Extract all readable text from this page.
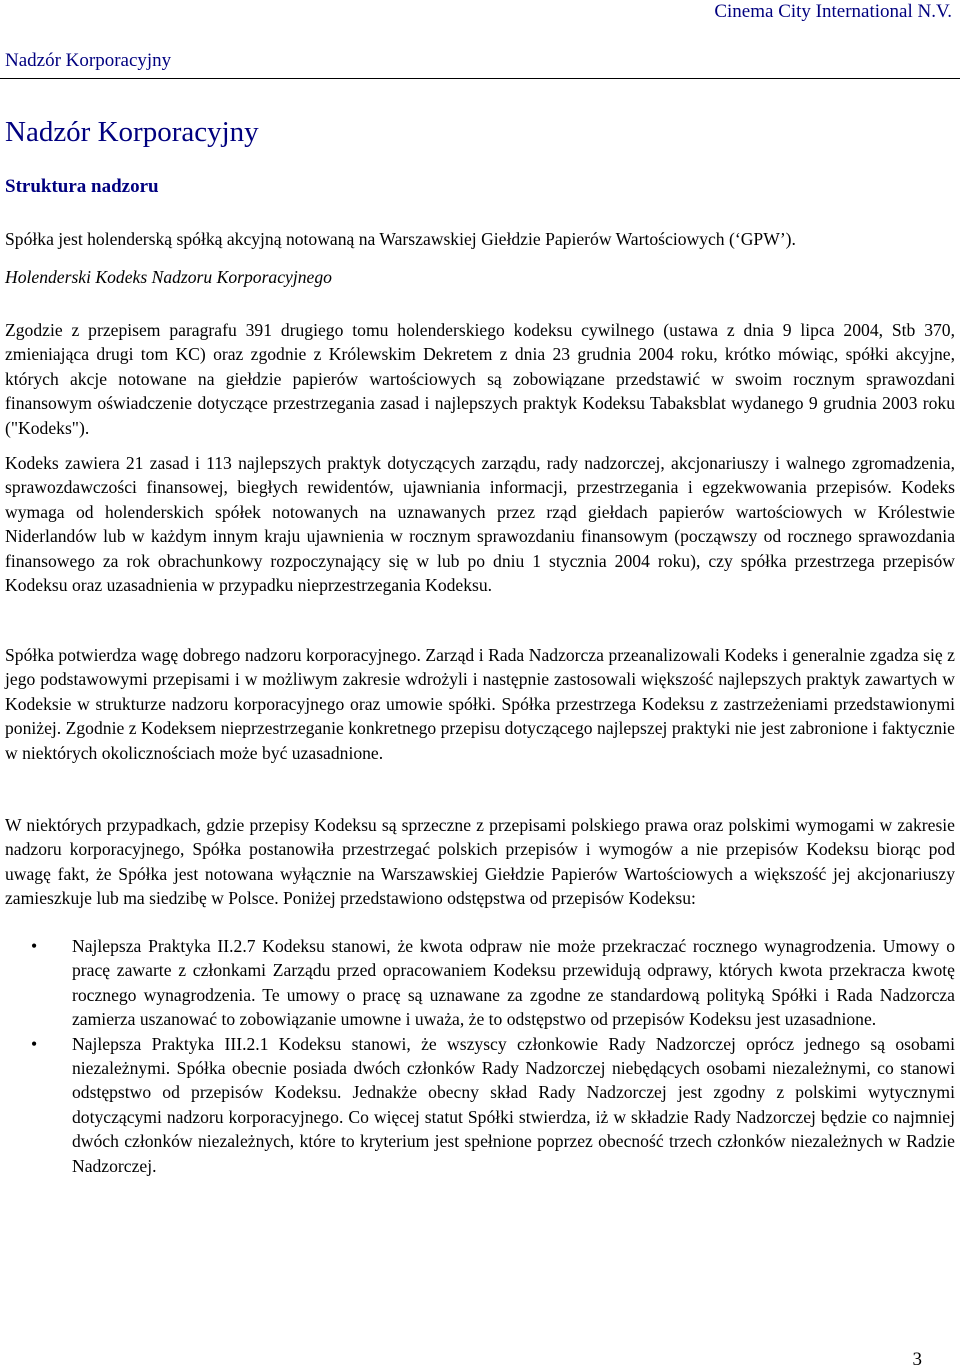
Cinema City International N.V.
Nadzór Korporacyjny
Nadzór Korporacyjny
Struktura nadzoru
Spółka jest holenderską spółką akcyjną notowaną na Warszawskiej Giełdzie Papierów Wartościowych (‘GPW’).
Holenderski Kodeks Nadzoru Korporacyjnego
Zgodzie z przepisem paragrafu 391 drugiego tomu holenderskiego kodeksu cywilnego (ustawa z dnia 9 lipca 2004, Stb 370, zmieniająca drugi tom KC) oraz zgodnie z Królewskim Dekretem z dnia 23 grudnia 2004 roku, krótko mówiąc, spółki akcyjne, których akcje notowane na giełdzie papierów wartościowych są zobowiązane przedstawić w swoim rocznym sprawozdani finansowym oświadczenie dotyczące przestrzegania zasad i najlepszych praktyk Kodeksu Tabaksblat wydanego 9 grudnia 2003 roku ("Kodeks").
Kodeks zawiera 21 zasad i 113 najlepszych praktyk dotyczących zarządu, rady nadzorczej, akcjonariuszy i walnego zgromadzenia, sprawozdawczości finansowej, biegłych rewidentów, ujawniania informacji, przestrzegania i egzekwowania przepisów. Kodeks wymaga od holenderskich spółek notowanych na uznawanych przez rząd giełdach papierów wartościowych w Królestwie Niderlandów lub w każdym innym kraju ujawnienia w rocznym sprawozdaniu finansowym (począwszy od rocznego sprawozdania finansowego za rok obrachunkowy rozpoczynający się w lub po dniu 1 stycznia 2004 roku), czy spółka przestrzega przepisów Kodeksu oraz uzasadnienia w przypadku nieprzestrzegania Kodeksu.
Spółka potwierdza wagę dobrego nadzoru korporacyjnego. Zarząd i Rada Nadzorcza przeanalizowali Kodeks i generalnie zgadza się z jego podstawowymi przepisami i w możliwym zakresie wdrożyli i następnie zastosowali większość najlepszych praktyk zawartych w Kodeksie w strukturze nadzoru korporacyjnego oraz umowie spółki. Spółka przestrzega Kodeksu z zastrzeżeniami przedstawionymi poniżej. Zgodnie z Kodeksem nieprzestrzeganie konkretnego przepisu dotyczącego najlepszej praktyki nie jest zabronione i faktycznie w niektórych okolicznościach może być uzasadnione.
W niektórych przypadkach, gdzie przepisy Kodeksu są sprzeczne z przepisami polskiego prawa oraz polskimi wymogami w zakresie nadzoru korporacyjnego, Spółka postanowiła przestrzegać polskich przepisów i wymogów a nie przepisów Kodeksu biorąc pod uwagę fakt, że Spółka jest notowana wyłącznie na Warszawskiej Giełdzie Papierów Wartościowych a większość jej akcjonariuszy zamieszkuje lub ma siedzibę w Polsce. Poniżej przedstawiono odstępstwa od przepisów Kodeksu:
• Najlepsza Praktyka II.2.7 Kodeksu stanowi, że kwota odpraw nie może przekraczać rocznego wynagrodzenia. Umowy o pracę zawarte z członkami Zarządu przed opracowaniem Kodeksu przewidują odprawy, których kwota przekracza kwotę rocznego wynagrodzenia. Te umowy o pracę są uznawane za zgodne ze standardową polityką Spółki i Rada Nadzorcza zamierza uszanować to zobowiązanie umowne i uważa, że to odstępstwo od przepisów Kodeksu jest uzasadnione.
• Najlepsza Praktyka III.2.1 Kodeksu stanowi, że wszyscy członkowie Rady Nadzorczej oprócz jednego są osobami niezależnymi. Spółka obecnie posiada dwóch członków Rady Nadzorczej niebędących osobami niezależnymi, co stanowi odstępstwo od przepisów Kodeksu. Jednakże obecny skład Rady Nadzorczej jest zgodny z polskimi wytycznymi dotyczącymi nadzoru korporacyjnego. Co więcej statut Spółki stwierdza, iż w składzie Rady Nadzorczej będzie co najmniej dwóch członków niezależnych, które to kryterium jest spełnione poprzez obecność trzech członków niezależnych w Radzie Nadzorczej.
3
